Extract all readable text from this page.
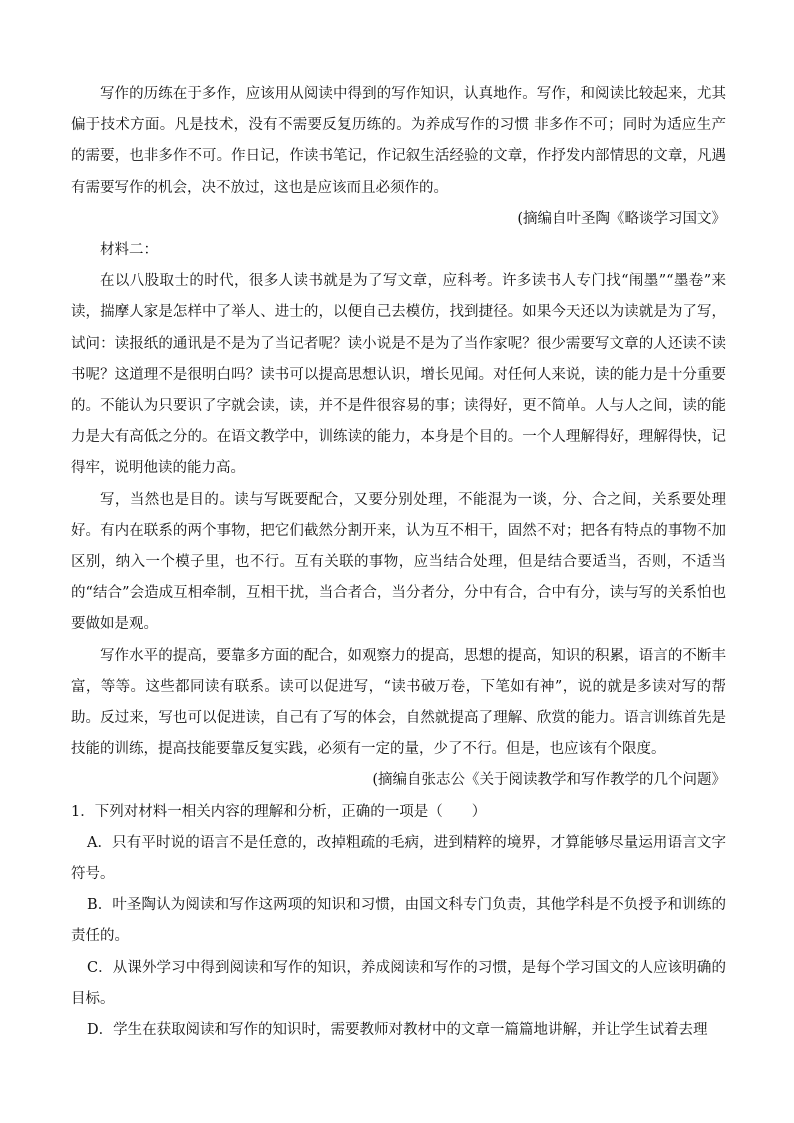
写作的历练在于多作，应该用从阅读中得到的写作知识，认真地作。写作，和阅读比较起来，尤其偏于技术方面。凡是技术，没有不需要反复历练的。为养成写作的习惯 非多作不可；同时为适应生产的需要，也非多作不可。作日记，作读书笔记，作记叙生活经验的文章，作抒发内部情思的文章，凡遇有需要写作的机会，决不放过，这也是应该而且必须作的。

(摘编自叶圣陶《略谈学习国文》

材料二：

在以八股取士的时代，很多人读书就是为了写文章，应科考。许多读书人专门找“闱墨”“墨卷”来读，揣摩人家是怎样中了举人、进士的，以便自己去模仿，找到捷径。如果今天还以为读就是为了写，试问：读报纸的通讯是不是为了当记者呢？读小说是不是为了当作家呢？很少需要写文章的人还读不读书呢？这道理不是很明白吗？读书可以提高思想认识，增长见闻。对任何人来说，读的能力是十分重要的。不能认为只要识了字就会读，读，并不是件很容易的事；读得好，更不简单。人与人之间，读的能力是大有高低之分的。在语文教学中，训练读的能力，本身是个目的。一个人理解得好，理解得快，记得牢，说明他读的能力高。

写，当然也是目的。读与写既要配合，又要分别处理，不能混为一谈，分、合之间，关系要处理好。有内在联系的两个事物，把它们截然分割开来，认为互不相干，固然不对；把各有特点的事物不加区别，纳入一个模子里，也不行。互有关联的事物，应当结合处理，但是结合要适当，否则，不适当的“结合”会造成互相牵制，互相干扰，当合者合，当分者分，分中有合，合中有分，读与写的关系怕也要做如是观。

写作水平的提高，要靠多方面的配合，如观察力的提高，思想的提高，知识的积累，语言的不断丰富，等等。这些都同读有联系。读可以促进写，“读书破万卷，下笔如有神”，说的就是多读对写的帮助。反过来，写也可以促进读，自己有了写的体会，自然就提高了理解、欣赏的能力。语言训练首先是技能的训练，提高技能要靠反复实践，必须有一定的量，少了不行。但是，也应该有个限度。

(摘编自张志公《关于阅读教学和写作教学的几个问题》

1．下列对材料一相关内容的理解和分析，正确的一项是（　　）

A．只有平时说的语言不是任意的，改掉粗疏的毛病，进到精粹的境界，才算能够尽量运用语言文字符号。

B．叶圣陶认为阅读和写作这两项的知识和习惯，由国文科专门负责，其他学科是不负授予和训练的责任的。

C．从课外学习中得到阅读和写作的知识，养成阅读和写作的习惯，是每个学习国文的人应该明确的目标。

D．学生在获取阅读和写作的知识时，需要教师对教材中的文章一篇篇地讲解，并让学生试着去理
